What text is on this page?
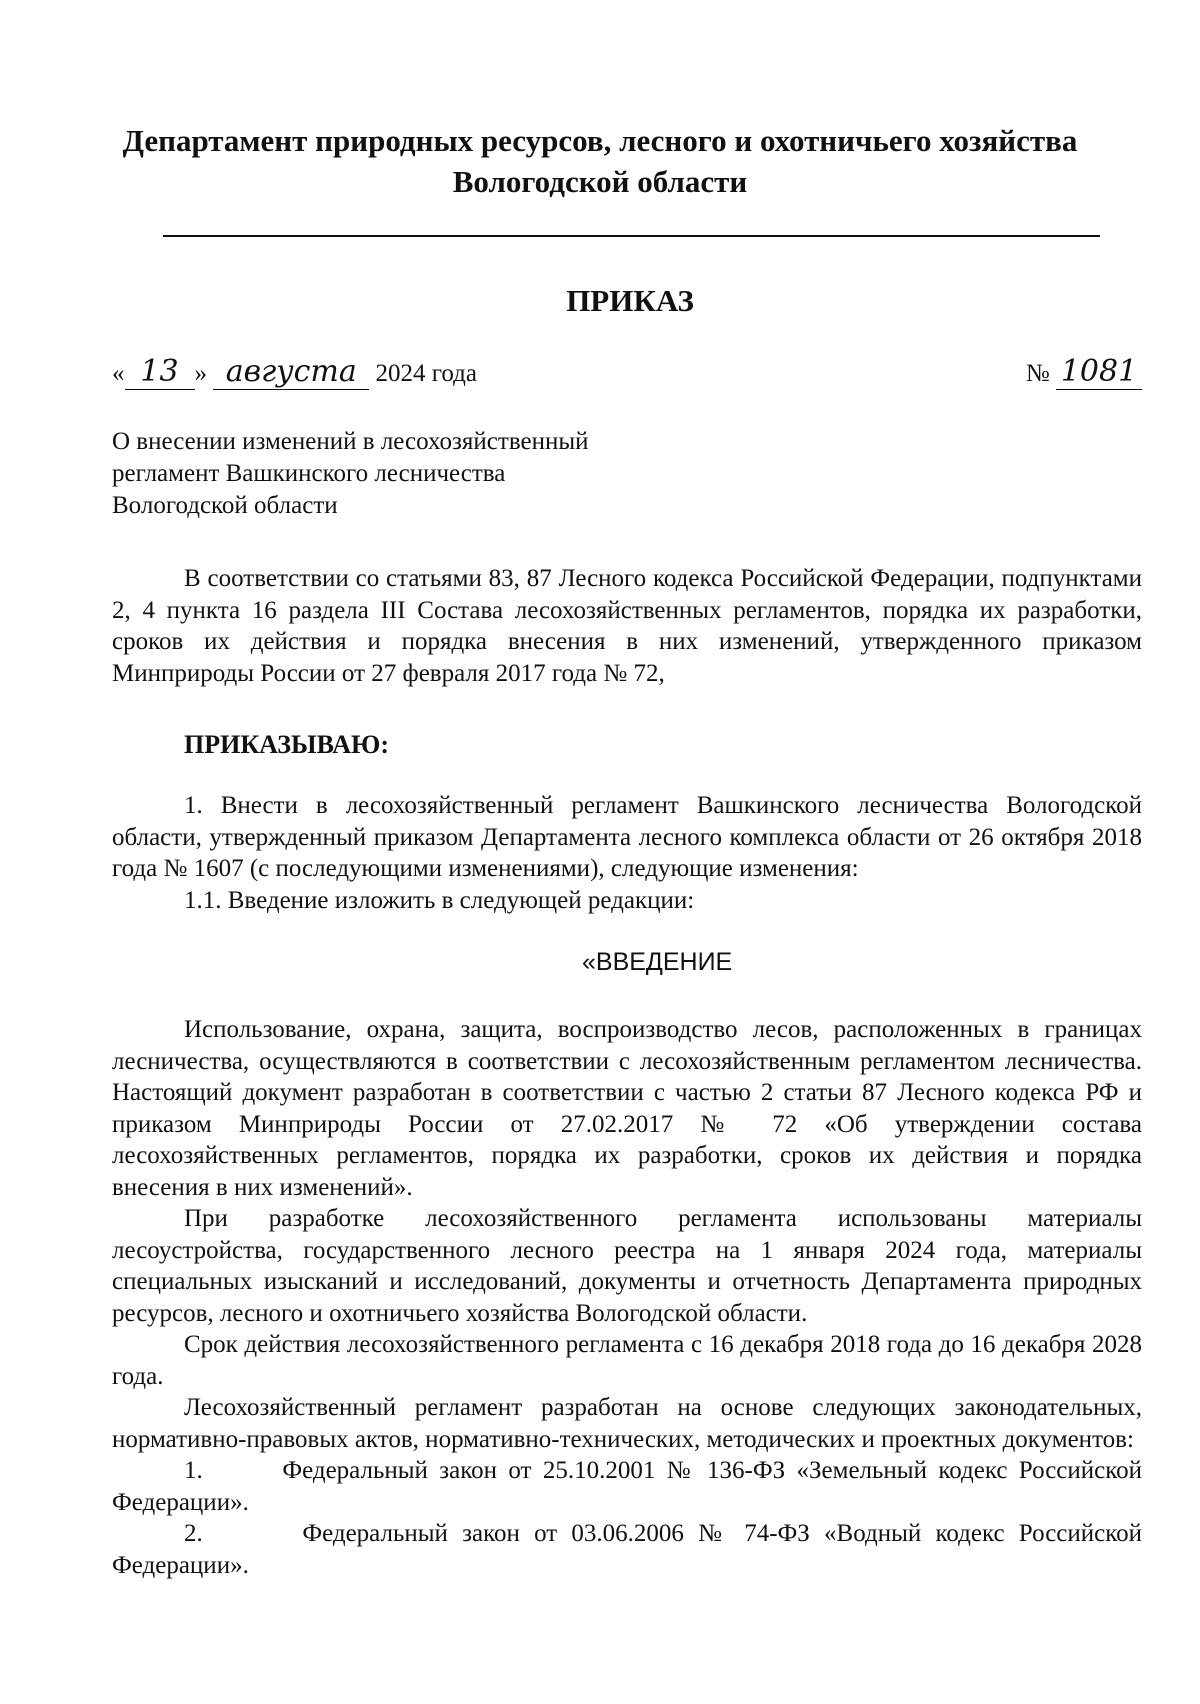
Департамент природных ресурсов, лесного и охотничьего хозяйства
Вологодской области
ПРИКАЗ
« 13 » августа 2024 года	№ 1081
О внесении изменений в лесохозяйственный
регламент Вашкинского лесничества
Вологодской области

В соответствии со статьями 83, 87 Лесного кодекса Российской Федерации, подпунктами 2, 4 пункта 16 раздела III Состава лесохозяйственных регламентов, порядка их разработки, сроков их действия и порядка внесения в них изменений, утвержденного приказом Минприроды России от 27 февраля 2017 года № 72,

ПРИКАЗЫВАЮ:

1. Внести в лесохозяйственный регламент Вашкинского лесничества Вологодской области, утвержденный приказом Департамента лесного комплекса области от 26 октября 2018 года № 1607 (с последующими изменениями), следующие изменения:

1.1. Введение изложить в следующей редакции:

«ВВЕДЕНИЕ

Использование, охрана, защита, воспроизводство лесов, расположенных в границах лесничества, осуществляются в соответствии с лесохозяйственным регламентом лесничества. Настоящий документ разработан в соответствии с частью 2 статьи 87 Лесного кодекса РФ и приказом Минприроды России от 27.02.2017 № 72 «Об утверждении состава лесохозяйственных регламентов, порядка их разработки, сроков их действия и порядка внесения в них изменений».

При разработке лесохозяйственного регламента использованы материалы лесоустройства, государственного лесного реестра на 1 января 2024 года, материалы специальных изысканий и исследований, документы и отчетность Департамента природных ресурсов, лесного и охотничьего хозяйства Вологодской области.

Срок действия лесохозяйственного регламента с 16 декабря 2018 года до 16 декабря 2028 года.

Лесохозяйственный регламент разработан на основе следующих законодательных, нормативно-правовых актов, нормативно-технических, методических и проектных документов:

1.	Федеральный закон от 25.10.2001 № 136-ФЗ «Земельный кодекс Российской Федерации».

2.	Федеральный закон от 03.06.2006 № 74-ФЗ «Водный кодекс Российской Федерации».
